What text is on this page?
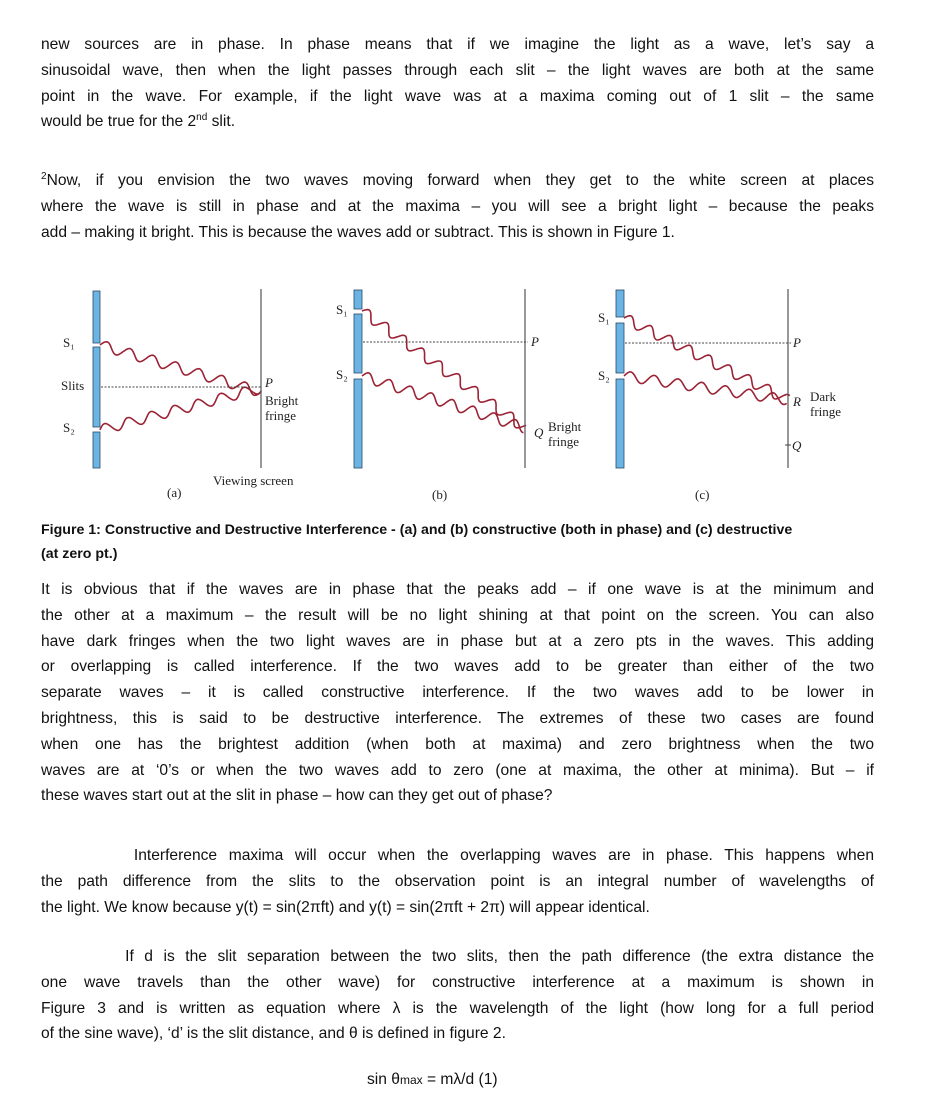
new sources are in phase. In phase means that if we imagine the light as a wave, let’s say a
sinusoidal wave, then when the light passes through each slit – the light waves are both at the same
point in the wave. For example, if the light wave was at a maxima coming out of 1 slit – the same
would be true for the 2nd slit.
$^2$Now, if you envision the two waves moving forward when they get to the white screen at places
where the wave is still in phase and at the maxima – you will see a bright light – because the peaks
add – making it bright. This is because the waves add or subtract. This is shown in Figure 1.
S₁
Slits
S₂
P
Bright
fringe
Viewing screen
(a)
S₁
S₂
P
Q Bright
fringe
(b)
S₁
S₂
P
R Dark
fringe
Q
(c)
Figure 1: Constructive and Destructive Interference - (a) and (b) constructive (both in phase) and (c) destructive
(at zero pt.)
It is obvious that if the waves are in phase that the peaks add – if one wave is at the minimum and
the other at a maximum – the result will be no light shining at that point on the screen. You can also
have dark fringes when the two light waves are in phase but at a zero pts in the waves. This adding
or overlapping is called interference. If the two waves add to be greater than either of the two
separate waves – it is called constructive interference. If the two waves add to be lower in
brightness, this is said to be destructive interference. The extremes of these two cases are found
when one has the brightest addition (when both at maxima) and zero brightness when the two
waves are at ‘0’s or when the two waves add to zero (one at maxima, the other at minima). But – if
these waves start out at the slit in phase – how can they get out of phase?
Interference maxima will occur when the overlapping waves are in phase. This happens when
the path difference from the slits to the observation point is an integral number of wavelengths of
the light. We know because y(t) = sin(2πft) and y(t) = sin(2πft + 2π) will appear identical.
If d is the slit separation between the two slits, then the path difference (the extra distance the
one wave travels than the other wave) for constructive interference at a maximum is shown in
Figure 3 and is written as equation where λ is the wavelength of the light (how long for a full period
of the sine wave), ‘d’ is the slit distance, and θ is defined in figure 2.
sin θmax = mλ/d (1)
